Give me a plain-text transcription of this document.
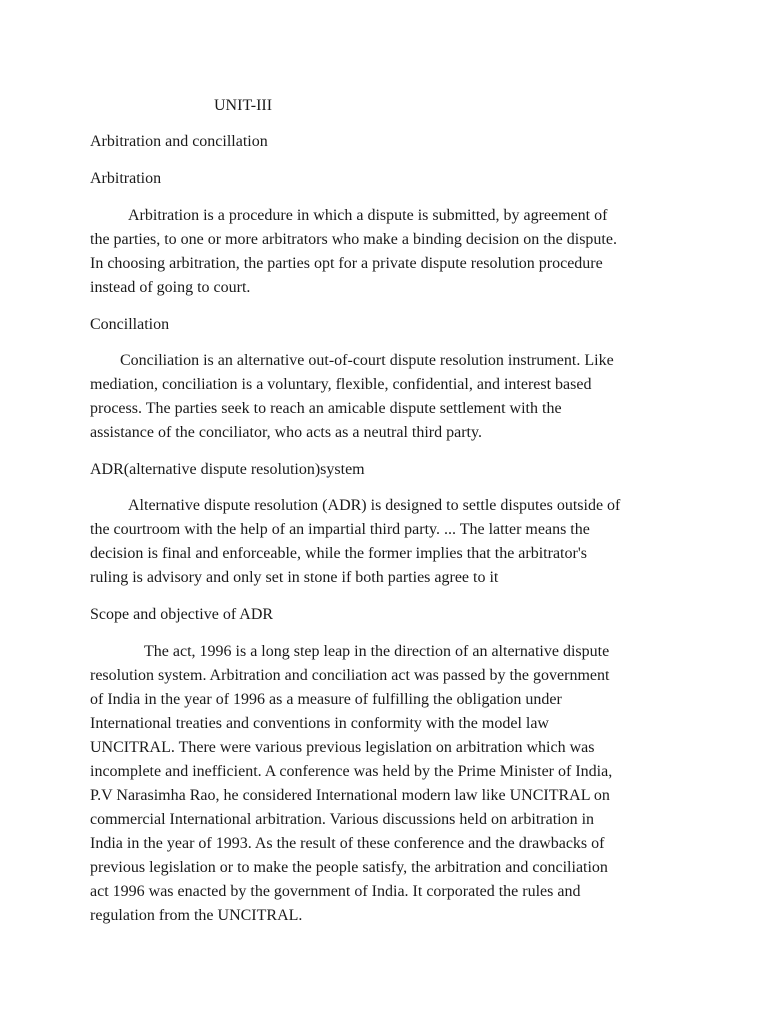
UNIT-III
Arbitration and concillation
Arbitration
Arbitration is a procedure in which a dispute is submitted, by agreement of
the parties, to one or more arbitrators who make a binding decision on the dispute.
In choosing arbitration, the parties opt for a private dispute resolution procedure
instead of going to court.
Concillation
Conciliation is an alternative out-of-court dispute resolution instrument. Like
mediation, conciliation is a voluntary, flexible, confidential, and interest based
process. The parties seek to reach an amicable dispute settlement with the
assistance of the conciliator, who acts as a neutral third party.
ADR(alternative dispute resolution)system
Alternative dispute resolution (ADR) is designed to settle disputes outside of
the courtroom with the help of an impartial third party. ... The latter means the
decision is final and enforceable, while the former implies that the arbitrator's
ruling is advisory and only set in stone if both parties agree to it
Scope and objective of ADR
The act, 1996 is a long step leap in the direction of an alternative dispute
resolution system. Arbitration and conciliation act was passed by the government
of India in the year of 1996 as a measure of fulfilling the obligation under
International treaties and conventions in conformity with the model law
UNCITRAL. There were various previous legislation on arbitration which was
incomplete and inefficient. A conference was held by the Prime Minister of India,
P.V Narasimha Rao, he considered International modern law like UNCITRAL on
commercial International arbitration. Various discussions held on arbitration in
India in the year of 1993. As the result of these conference and the drawbacks of
previous legislation or to make the people satisfy, the arbitration and conciliation
act 1996 was enacted by the government of India. It corporated the rules and
regulation from the UNCITRAL.
